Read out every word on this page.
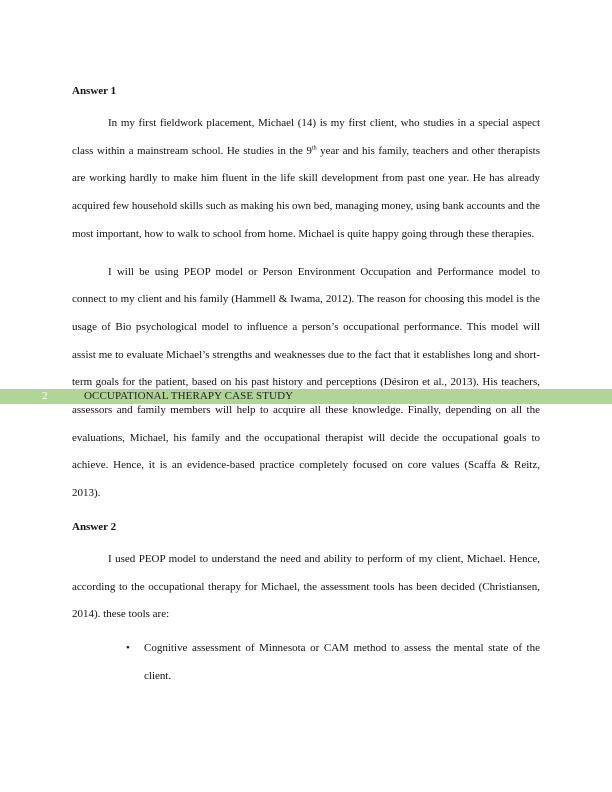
Answer 1

In my first fieldwork placement, Michael (14) is my first client, who studies in a special aspect class within a mainstream school. He studies in the 9th year and his family, teachers and other therapists are working hardly to make him fluent in the life skill development from past one year. He has already acquired few household skills such as making his own bed, managing money, using bank accounts and the most important, how to walk to school from home. Michael is quite happy going through these therapies.

I will be using PEOP model or Person Environment Occupation and Performance model to connect to my client and his family (Hammell & Iwama, 2012). The reason for choosing this model is the usage of Bio psychological model to influence a person’s occupational performance. This model will assist me to evaluate Michael’s strengths and weaknesses due to the fact that it establishes long and short-term goals for the patient, based on his past history and perceptions (Désiron et al., 2013). His teachers, assessors and family members will help to acquire all these knowledge. Finally, depending on all the evaluations, Michael, his family and the occupational therapist will decide the occupational goals to achieve. Hence, it is an evidence-based practice completely focused on core values (Scaffa & Reitz, 2013).

Answer 2

I used PEOP model to understand the need and ability to perform of my client, Michael. Hence, according to the occupational therapy for Michael, the assessment tools has been decided (Christiansen, 2014). these tools are:

• Cognitive assessment of Minnesota or CAM method to assess the mental state of the client.
2	OCCUPATIONAL THERAPY CASE STUDY
